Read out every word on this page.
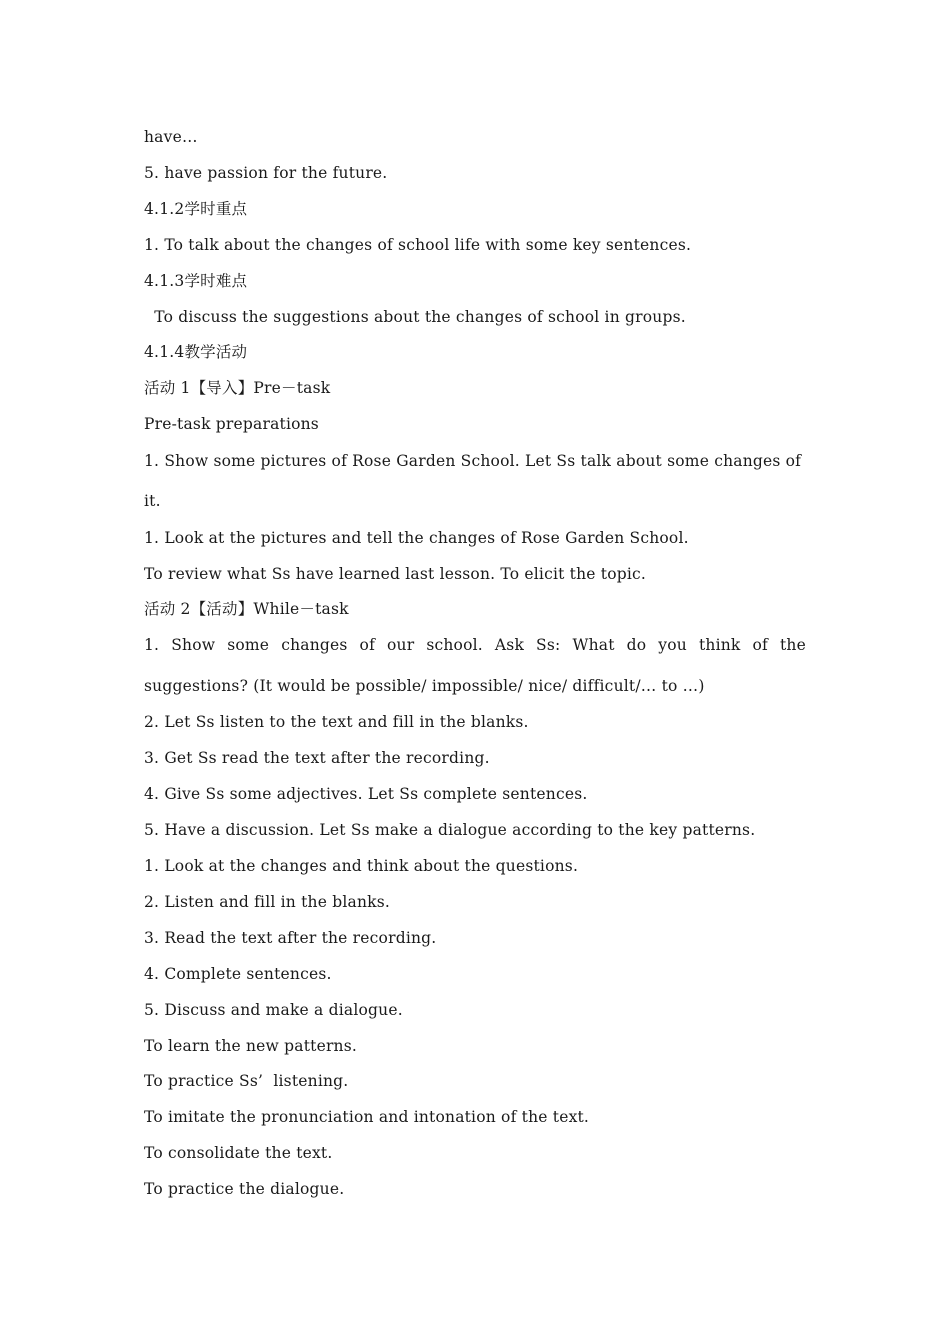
have…
5. have passion for the future.
4.1.2学时重点
1. To talk about the changes of school life with some key sentences.
4.1.3学时难点
To discuss the suggestions about the changes of school in groups.
4.1.4教学活动
活动 1【导入】Pre－task
Pre-task preparations
1. Show some pictures of Rose Garden School. Let Ss talk about some changes of
it.
1. Look at the pictures and tell the changes of Rose Garden School.
To review what Ss have learned last lesson. To elicit the topic.
活动 2【活动】While－task
1. Show some changes of our school. Ask Ss: What do you think of the
suggestions? (It would be possible/ impossible/ nice/ difficult/… to …)
2. Let Ss listen to the text and fill in the blanks.
3. Get Ss read the text after the recording.
4. Give Ss some adjectives. Let Ss complete sentences.
5. Have a discussion. Let Ss make a dialogue according to the key patterns.
1. Look at the changes and think about the questions.
2. Listen and fill in the blanks.
3. Read the text after the recording.
4. Complete sentences.
5. Discuss and make a dialogue.
To learn the new patterns.
To practice Ss’  listening.
To imitate the pronunciation and intonation of the text.
To consolidate the text.
To practice the dialogue.
